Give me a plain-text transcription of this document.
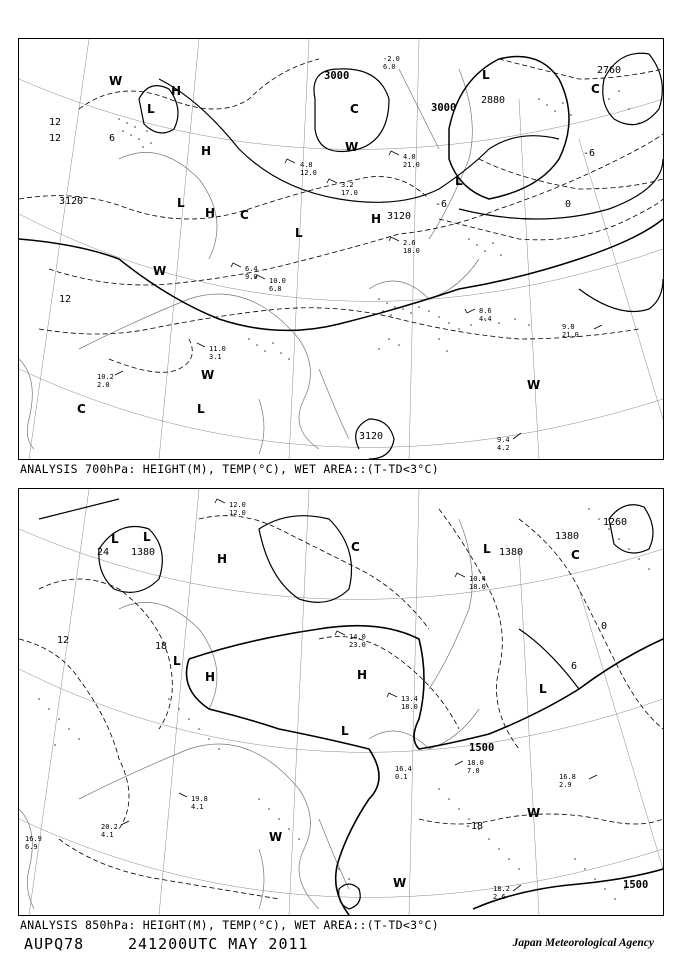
3000
3000
2880
2760
3120
3120
3120
12
12
12
6
-6
-6	0
L
H
H
L
H
L
H
C
L
W
W
W
W
C
L
C
C
L
W
4.8
12.0
3.2
17.0
4.0
21.0
2.6
18.0
8.6
4.4
9.8
21.0
10.2
2.0
9.4
4.2
11.0
3.1
-2.0
6.0
6.4
9.0 10.0
6.8
ANALYSIS 700hPa: HEIGHT(M), TEMP(°C), WET AREA::(T-TD<3°C)
1500
1500
1380	1380
1380
1260
24
18
-18
12
6
0
L
L
H
L
H
H
L
L
W
W
W
C
C
L
12.0
12.0
10.4
18.0
14.0
23.0
13.4
18.0
18.0
7.0
16.8
2.9
20.2
4.1
18.2
2.6
19.8
4.1
16.9
6.9
16.4
0.1
ANALYSIS 850hPa: HEIGHT(M), TEMP(°C), WET AREA::(T-TD<3°C)
AUPQ78	241200UTC MAY 2011	Japan Meteorological Agency
